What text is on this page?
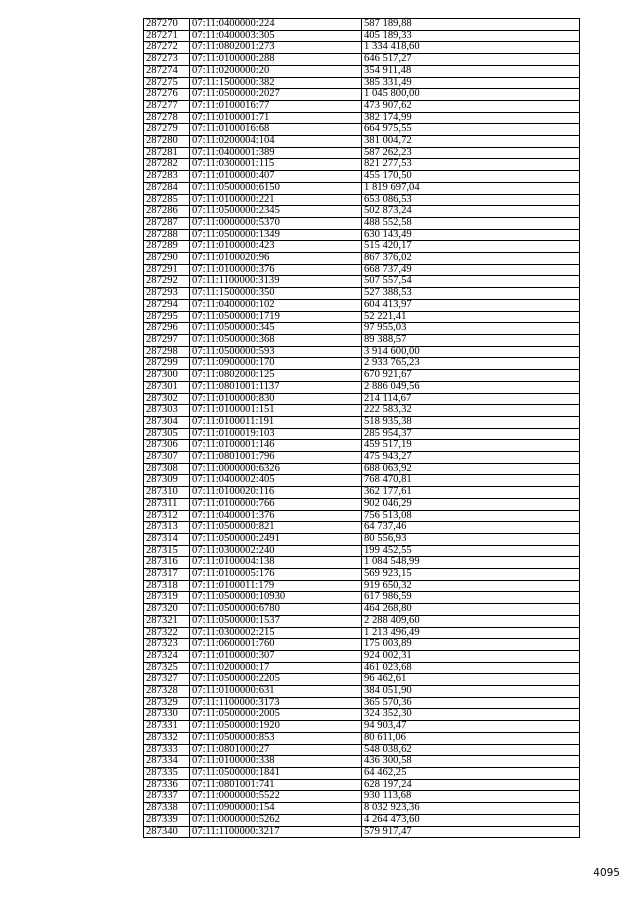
287270	07:11:0400000:224	587 189,88
287271	07:11:0400003:305	405 189,33
287272	07:11:0802001:273	1 334 418,60
287273	07:11:0100000:288	646 517,27
287274	07:11:0200000:20	354 911,48
287275	07:11:1500000:382	385 331,49
287276	07:11:0500000:2027	1 045 800,00
287277	07:11:0100016:77	473 907,62
287278	07:11:0100001:71	382 174,99
287279	07:11:0100016:68	664 975,55
287280	07:11:0200004:104	381 004,72
287281	07:11:0400001:389	587 262,23
287282	07:11:0300001:115	821 277,53
287283	07:11:0100000:407	455 170,50
287284	07:11:0500000:6150	1 819 697,04
287285	07:11:0100000:221	653 086,53
287286	07:11:0500000:2345	502 873,24
287287	07:11:0000000:5370	488 552,58
287288	07:11:0500000:1349	630 143,49
287289	07:11:0100000:423	515 420,17
287290	07:11:0100020:96	867 376,02
287291	07:11:0100000:376	668 737,49
287292	07:11:1100000:3139	507 557,54
287293	07:11:1500000:350	527 388,53
287294	07:11:0400000:102	604 413,97
287295	07:11:0500000:1719	52 221,41
287296	07:11:0500000:345	97 955,03
287297	07:11:0500000:368	89 388,57
287298	07:11:0500000:593	3 914 600,00
287299	07:11:0900000:170	2 933 765,23
287300	07:11:0802000:125	670 921,67
287301	07:11:0801001:1137	2 886 049,56
287302	07:11:0100000:830	214 114,67
287303	07:11:0100001:151	222 583,32
287304	07:11:0100011:191	518 935,38
287305	07:11:0100019:103	285 954,37
287306	07:11:0100001:146	459 517,19
287307	07:11:0801001:796	475 943,27
287308	07:11:0000000:6326	688 063,92
287309	07:11:0400002:405	768 470,81
287310	07:11:0100020:116	362 177,61
287311	07:11:0100000:766	902 046,29
287312	07:11:0400001:376	756 513,08
287313	07:11:0500000:821	64 737,46
287314	07:11:0500000:2491	80 556,93
287315	07:11:0300002:240	199 452,55
287316	07:11:0100004:138	1 084 548,99
287317	07:11:0100005:176	569 923,15
287318	07:11:0100011:179	919 650,32
287319	07:11:0500000:10930	617 986,59
287320	07:11:0500000:6780	464 268,80
287321	07:11:0500000:1537	2 288 409,60
287322	07:11:0300002:215	1 213 496,49
287323	07:11:0600001:760	175 003,89
287324	07:11:0100000:307	924 002,31
287325	07:11:0200000:17	461 023,68
287327	07:11:0500000:2205	96 462,61
287328	07:11:0100000:631	384 051,90
287329	07:11:1100000:3173	365 570,36
287330	07:11:0500000:2005	324 352,30
287331	07:11:0500000:1920	94 903,47
287332	07:11:0500000:853	80 611,06
287333	07:11:0801000:27	548 038,62
287334	07:11:0100000:338	436 300,58
287335	07:11:0500000:1841	64 462,25
287336	07:11:0801001:741	628 197,24
287337	07:11:0000000:5522	930 113,68
287338	07:11:0900000:154	8 032 923,36
287339	07:11:0000000:5262	4 264 473,60
287340	07:11:1100000:3217	579 917,47
4095
